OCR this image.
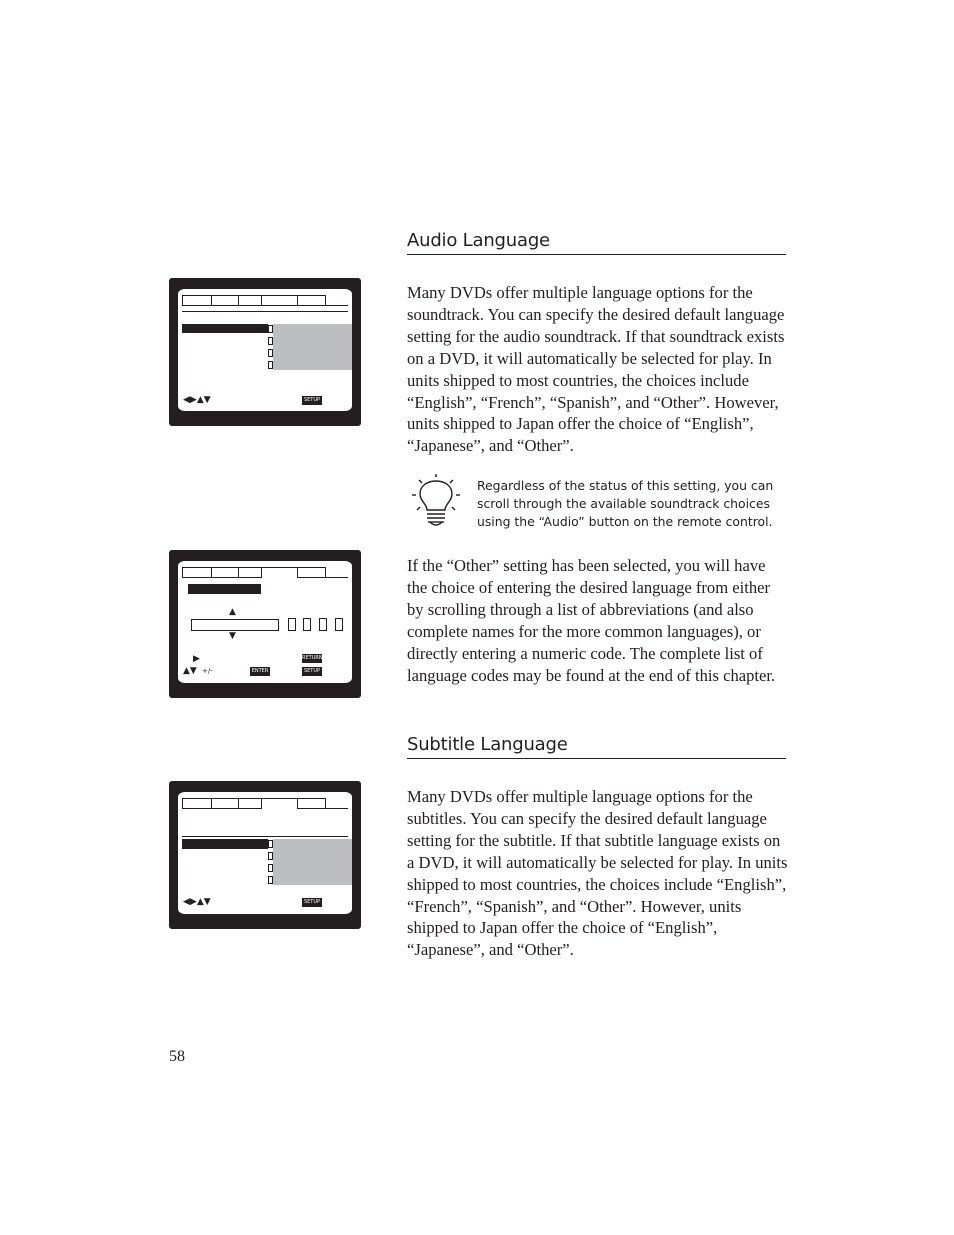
Audio Language
◀▶▲▼	SETUP

Many DVDs offer multiple language options for the soundtrack. You can specify the desired default language setting for the audio soundtrack. If that soundtrack exists on a DVD, it will automatically be selected for play. In units shipped to most countries, the choices include “English”, “French”, “Spanish”, and “Other”. However, units shipped to Japan offer the choice of “English”, “Japanese”, and “Other”.

Regardless of the status of this setting, you can scroll through the available soundtrack choices using the “Audio” button on the remote control.

▲
▼
▶
▲▼ +/-	ENTER
RETURN
SETUP

If the “Other” setting has been selected, you will have the choice of entering the desired language from either by scrolling through a list of abbreviations (and also complete names for the more common languages), or directly entering a numeric code. The complete list of language codes may be found at the end of this chapter.

Subtitle Language
◀▶▲▼	SETUP

Many DVDs offer multiple language options for the subtitles. You can specify the desired default language setting for the subtitle. If that subtitle language exists on a DVD, it will automatically be selected for play. In units shipped to most countries, the choices include “English”, “French”, “Spanish”, and “Other”. However, units shipped to Japan offer the choice of “English”, “Japanese”, and “Other”.

58
